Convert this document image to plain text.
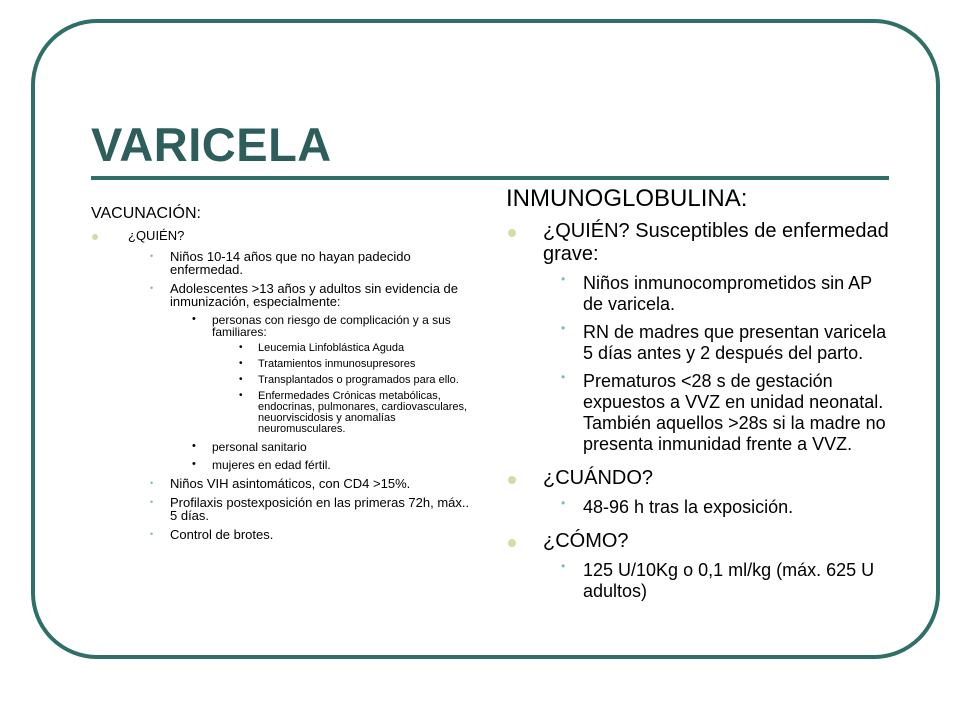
VARICELA
VACUNACIÓN:
¿QUIÉN?
• Niños 10-14 años que no hayan padecido enfermedad.
• Adolescentes >13 años y adultos sin evidencia de inmunización, especialmente:
• personas con riesgo de complicación y a sus familiares:
• Leucemia Linfoblástica Aguda
• Tratamientos inmunosupresores
• Transplantados o programados para ello.
• Enfermedades Crónicas metabólicas, endocrinas, pulmonares, cardiovasculares, neuorviscidosis y anomalías neuromusculares.
• personal sanitario
• mujeres en edad fértil.
• Niños VIH asintomáticos, con CD4 >15%.
• Profilaxis postexposición en las primeras 72h, máx.. 5 días.
• Control de brotes.
INMUNOGLOBULINA:
¿QUIÉN? Susceptibles de enfermedad grave:
• Niños inmunocomprometidos sin AP de varicela.
• RN de madres que presentan varicela 5 días antes y 2 después del parto.
• Prematuros <28 s de gestación expuestos a VVZ en unidad neonatal. También aquellos >28s si la madre no presenta inmunidad frente a VVZ.
¿CUÁNDO?
• 48-96 h tras la exposición.
¿CÓMO?
• 125 U/10Kg o 0,1 ml/kg (máx. 625 U adultos)
